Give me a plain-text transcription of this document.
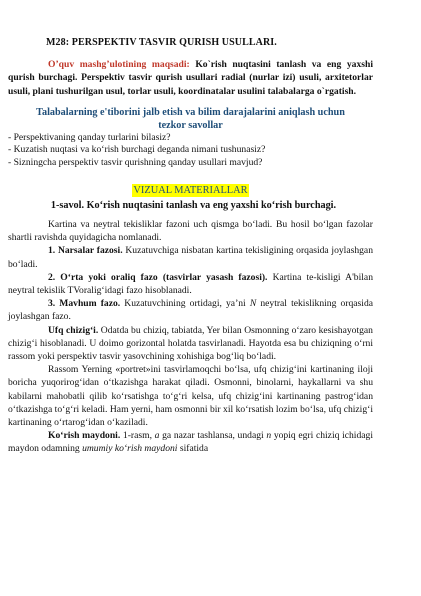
M28: PERSPEKTIV TASVIR QURISH USULLARI.

O’quv mashg’ulotining maqsadi: Ko`rish nuqtasini tanlash va eng yaxshi qurish burchagi. Perspektiv tasvir qurish usullari radial (nurlar izi) usuli, arxitetorlar usuli, plani tushurilgan usul, torlar usuli, koordinatalar usulini talabalarga o`rgatish.

Talabalarning e'tiborini jalb etish va bilim darajalarini aniqlash uchun
tezkor savollar

- Perspektivaning qanday turlarini bilasiz?
- Kuzatish nuqtasi va ko‘rish burchagi deganda nimani tushunasiz?
- Sizningcha perspektiv tasvir qurishning qanday usullari mavjud?
VIZUAL MATERIALLAR

1-savol. Ko‘rish nuqtasini tanlash va eng yaxshi ko‘rish burchagi.

Kartina va neytral tekisliklar fazoni uch qismga bo‘ladi. Bu hosil bo‘lgan fazolar shartli ravishda quyidagicha nomlanadi.

1. Narsalar fazosi. Kuzatuvchiga nisbatan kartina tekisligining orqasida joylashgan bo‘ladi.

2. O‘rta yoki oraliq fazo (tasvirlar yasash fazosi). Kartina te-kisligi A'bilan neytral tekislik TVoralig‘idagi fazo hisoblanadi.

3. Mavhum fazo. Kuzatuvchining ortidagi, ya’ni N neytral tekislikning orqasida joylashgan fazo.

Ufq chizig‘i. Odatda bu chiziq, tabiatda, Yer bilan Osmonning o‘zaro kesishayotgan chizig‘i hisoblanadi. U doimo gorizontal holatda tasvirlanadi. Hayotda esa bu chiziqning o‘rni rassom yoki perspektiv tasvir yasovchining xohishiga bog‘liq bo‘ladi.

Rassom Yerning «portret»ini tasvirlamoqchi bo‘lsa, ufq chizig‘ini kartinaning iloji boricha yuqorirog‘idan o‘tkazishga harakat qiladi. Osmonni, binolarni, haykallarni va shu kabilarni mahobatli qilib ko‘rsatishga to‘g‘ri kelsa, ufq chizig‘ini kartinaning pastrog‘idan o‘tkazishga to‘g‘ri keladi. Ham yerni, ham osmonni bir xil ko‘rsatish lozim bo‘lsa, ufq chizig‘i kartinaning o‘rtarog‘idan o‘kaziladi.

Ko‘rish maydoni. 1-rasm, a ga nazar tashlansa, undagi n yopiq egri chiziq ichidagi maydon odamning umumiy ko‘rish maydoni sifatida
